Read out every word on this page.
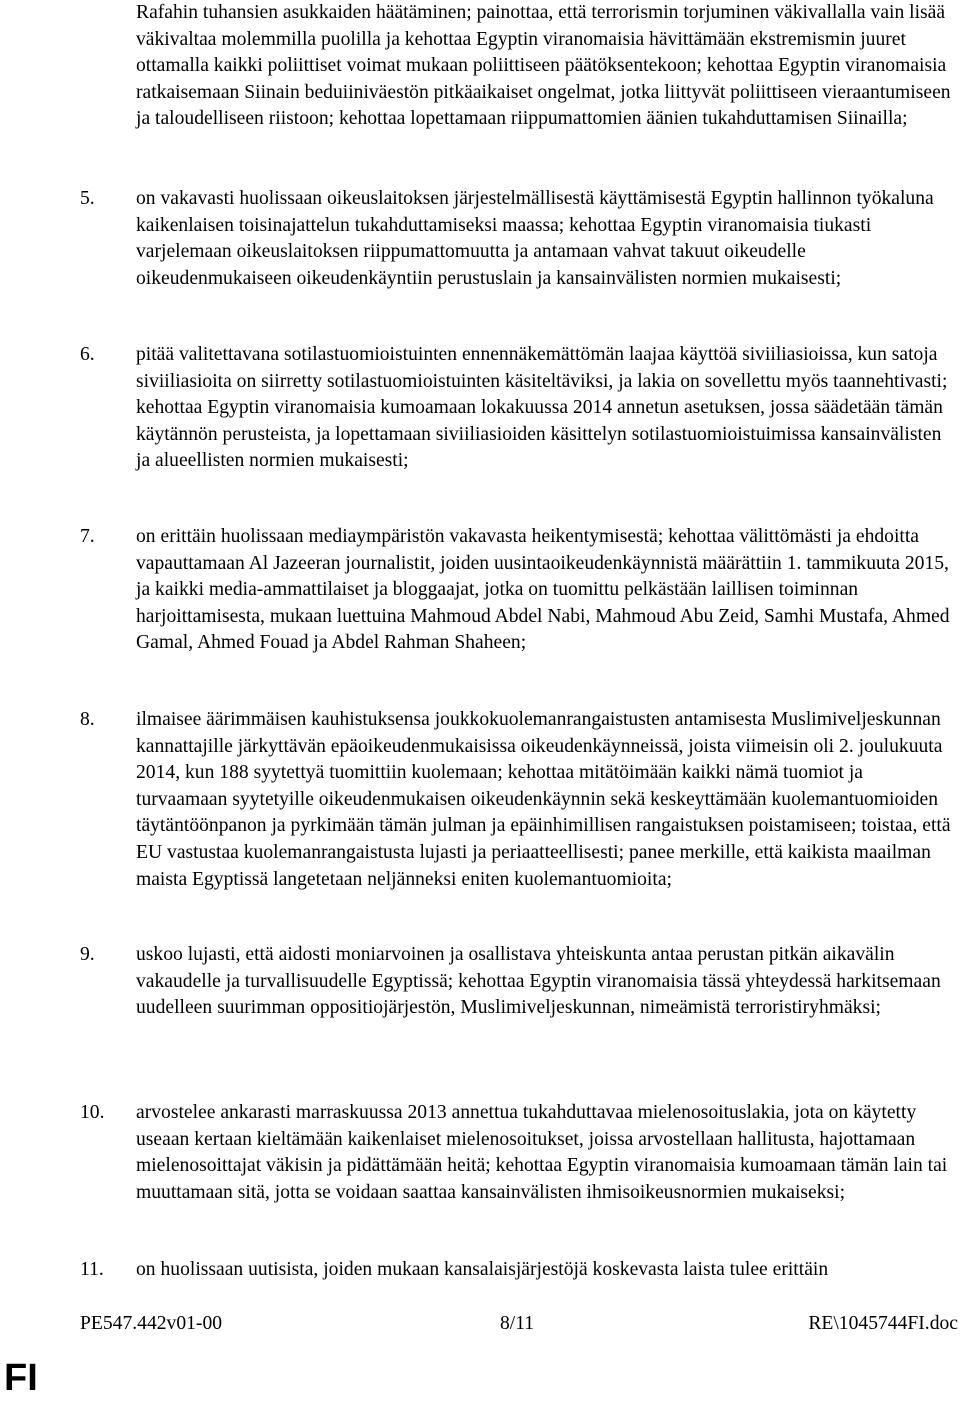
Rafahin tuhansien asukkaiden häätäminen; painottaa, että terrorismin torjuminen väkivallalla vain lisää väkivaltaa molemmilla puolilla ja kehottaa Egyptin viranomaisia hävittämään ekstremismin juuret ottamalla kaikki poliittiset voimat mukaan poliittiseen päätöksentekoon; kehottaa Egyptin viranomaisia ratkaisemaan Siinain beduiiniväestön pitkäaikaiset ongelmat, jotka liittyvät poliittiseen vieraantumiseen ja taloudelliseen riistoon; kehottaa lopettamaan riippumattomien äänien tukahduttamisen Siinailla;
5. on vakavasti huolissaan oikeuslaitoksen järjestelmällisestä käyttämisestä Egyptin hallinnon työkaluna kaikenlaisen toisinajattelun tukahduttamiseksi maassa; kehottaa Egyptin viranomaisia tiukasti varjelemaan oikeuslaitoksen riippumattomuutta ja antamaan vahvat takuut oikeudelle oikeudenmukaiseen oikeudenkäyntiin perustuslain ja kansainvälisten normien mukaisesti;
6. pitää valitettavana sotilastuomioistuinten ennennäkemättömän laajaa käyttöä siviiliasioissa, kun satoja siviiliasioita on siirretty sotilastuomioistuinten käsiteltäviksi, ja lakia on sovellettu myös taannehtivasti; kehottaa Egyptin viranomaisia kumoamaan lokakuussa 2014 annetun asetuksen, jossa säädetään tämän käytännön perusteista, ja lopettamaan siviiliasioiden käsittelyn sotilastuomioistuimissa kansainvälisten ja alueellisten normien mukaisesti;
7. on erittäin huolissaan mediaympäristön vakavasta heikentymisestä; kehottaa välittömästi ja ehdoitta vapauttamaan Al Jazeeran journalistit, joiden uusintaoikeudenkäynnistä määrättiin 1. tammikuuta 2015, ja kaikki media-ammattilaiset ja bloggaajat, jotka on tuomittu pelkästään laillisen toiminnan harjoittamisesta, mukaan luettuina Mahmoud Abdel Nabi, Mahmoud Abu Zeid, Samhi Mustafa, Ahmed Gamal, Ahmed Fouad ja Abdel Rahman Shaheen;
8. ilmaisee äärimmäisen kauhistuksensa joukkokuolemanrangaistusten antamisesta Muslimiveljeskunnan kannattajille järkyttävän epäoikeudenmukaisissa oikeudenkäynneissä, joista viimeisin oli 2. joulukuuta 2014, kun 188 syytettyä tuomittiin kuolemaan; kehottaa mitätöimään kaikki nämä tuomiot ja turvaamaan syytetyille oikeudenmukaisen oikeudenkäynnin sekä keskeyttämään kuolemantuomioiden täytäntöönpanon ja pyrkimään tämän julman ja epäinhimillisen rangaistuksen poistamiseen; toistaa, että EU vastustaa kuolemanrangaistusta lujasti ja periaatteellisesti; panee merkille, että kaikista maailman maista Egyptissä langetetaan neljänneksi eniten kuolemantuomioita;
9. uskoo lujasti, että aidosti moniarvoinen ja osallistava yhteiskunta antaa perustan pitkän aikavälin vakaudelle ja turvallisuudelle Egyptissä; kehottaa Egyptin viranomaisia tässä yhteydessä harkitsemaan uudelleen suurimman oppositiojärjestön, Muslimiveljeskunnan, nimeämistä terroristiryhmäksi;
10. arvostelee ankarasti marraskuussa 2013 annettua tukahduttavaa mielenosoituslakia, jota on käytetty useaan kertaan kieltämään kaikenlaiset mielenosoitukset, joissa arvostellaan hallitusta, hajottamaan mielenosoittajat väkisin ja pidättämään heitä; kehottaa Egyptin viranomaisia kumoamaan tämän lain tai muuttamaan sitä, jotta se voidaan saattaa kansainvälisten ihmisoikeusnormien mukaiseksi;
11. on huolissaan uutisista, joiden mukaan kansalaisjärjestöjä koskevasta laista tulee erittäin
PE547.442v01-00	8/11	RE\1045744FI.doc
FI
